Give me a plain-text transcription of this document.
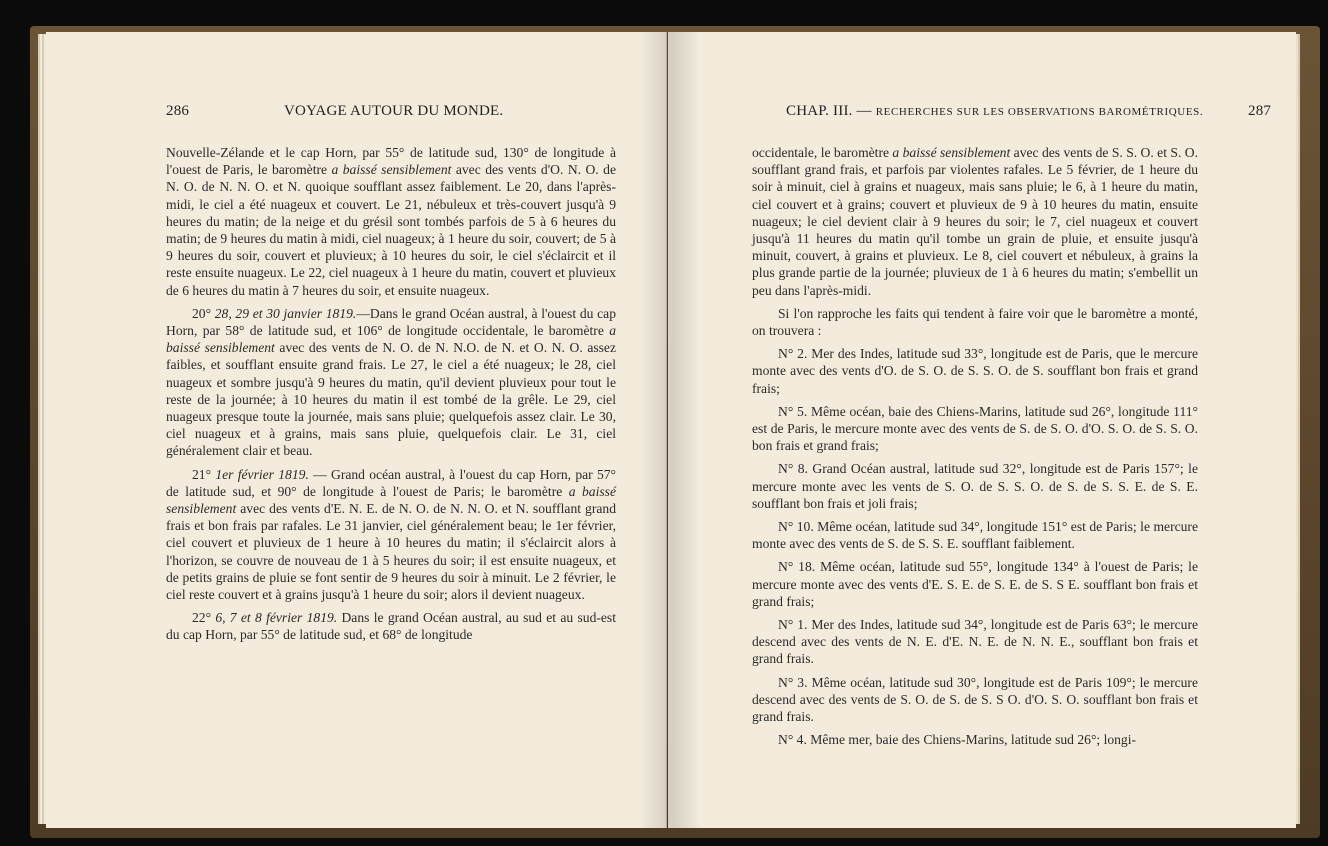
286	VOYAGE AUTOUR DU MONDE.

Nouvelle-Zélande et le cap Horn, par 55° de latitude sud, 130° de longitude à l'ouest de Paris, le baromètre a baissé sensiblement avec des vents d'O. N. O. de N. O. de N. N. O. et N. quoique soufflant assez faiblement. Le 20, dans l'après-midi, le ciel a été nuageux et couvert. Le 21, nébuleux et très-couvert jusqu'à 9 heures du matin; de la neige et du grésil sont tombés parfois de 5 à 6 heures du matin; de 9 heures du matin à midi, ciel nuageux; à 1 heure du soir, couvert; de 5 à 9 heures du soir, couvert et pluvieux; à 10 heures du soir, le ciel s'éclaircit et il reste ensuite nuageux. Le 22, ciel nuageux à 1 heure du matin, couvert et pluvieux de 6 heures du matin à 7 heures du soir, et ensuite nuageux.

20° 28, 29 et 30 janvier 1819.—Dans le grand Océan austral, à l'ouest du cap Horn, par 58° de latitude sud, et 106° de longitude occidentale, le baromètre a baissé sensiblement avec des vents de N. O. de N. N.O. de N. et O. N. O. assez faibles, et soufflant ensuite grand frais. Le 27, le ciel a été nuageux; le 28, ciel nuageux et sombre jusqu'à 9 heures du matin, qu'il devient pluvieux pour tout le reste de la journée; à 10 heures du matin il est tombé de la grêle. Le 29, ciel nuageux presque toute la journée, mais sans pluie; quelquefois assez clair. Le 30, ciel nuageux et à grains, mais sans pluie, quelquefois clair. Le 31, ciel généralement clair et beau.

21° 1er février 1819. — Grand océan austral, à l'ouest du cap Horn, par 57° de latitude sud, et 90° de longitude à l'ouest de Paris; le baromètre a baissé sensiblement avec des vents d'E. N. E. de N. O. de N. N. O. et N. soufflant grand frais et bon frais par rafales. Le 31 janvier, ciel généralement beau; le 1er février, ciel couvert et pluvieux de 1 heure à 10 heures du matin; il s'éclaircit alors à l'horizon, se couvre de nouveau de 1 à 5 heures du soir; il est ensuite nuageux, et de petits grains de pluie se font sentir de 9 heures du soir à minuit. Le 2 février, le ciel reste couvert et à grains jusqu'à 1 heure du soir; alors il devient nuageux.

22° 6, 7 et 8 février 1819. Dans le grand Océan austral, au sud et au sud-est du cap Horn, par 55° de latitude sud, et 68° de longitude

CHAP. III. — RECHERCHES SUR LES OBSERVATIONS BAROMÉTRIQUES.	287

occidentale, le baromètre a baissé sensiblement avec des vents de S. S. O. et S. O. soufflant grand frais, et parfois par violentes rafales. Le 5 février, de 1 heure du soir à minuit, ciel à grains et nuageux, mais sans pluie; le 6, à 1 heure du matin, ciel couvert et à grains; couvert et pluvieux de 9 à 10 heures du matin, ensuite nuageux; le ciel devient clair à 9 heures du soir; le 7, ciel nuageux et couvert jusqu'à 11 heures du matin qu'il tombe un grain de pluie, et ensuite jusqu'à minuit, couvert, à grains et pluvieux. Le 8, ciel couvert et nébuleux, à grains la plus grande partie de la journée; pluvieux de 1 à 6 heures du matin; s'embellit un peu dans l'après-midi.

Si l'on rapproche les faits qui tendent à faire voir que le baromètre a monté, on trouvera :

N° 2. Mer des Indes, latitude sud 33°, longitude est de Paris, que le mercure monte avec des vents d'O. de S. O. de S. S. O. de S. soufflant bon frais et grand frais;

N° 5. Même océan, baie des Chiens-Marins, latitude sud 26°, longitude 111° est de Paris, le mercure monte avec des vents de S. de S. O. d'O. S. O. de S. S. O. bon frais et grand frais;

N° 8. Grand Océan austral, latitude sud 32°, longitude est de Paris 157°; le mercure monte avec les vents de S. O. de S. S. O. de S. de S. S. E. de S. E. soufflant bon frais et joli frais;

N° 10. Même océan, latitude sud 34°, longitude 151° est de Paris; le mercure monte avec des vents de S. de S. S. E. soufflant faiblement.

N° 18. Même océan, latitude sud 55°, longitude 134° à l'ouest de Paris; le mercure monte avec des vents d'E. S. E. de S. E. de S. S E. soufflant bon frais et grand frais;

N° 1. Mer des Indes, latitude sud 34°, longitude est de Paris 63°; le mercure descend avec des vents de N. E. d'E. N. E. de N. N. E., soufflant bon frais et grand frais.

N° 3. Même océan, latitude sud 30°, longitude est de Paris 109°; le mercure descend avec des vents de S. O. de S. de S. S O. d'O. S. O. soufflant bon frais et grand frais.

N° 4. Même mer, baie des Chiens-Marins, latitude sud 26°; longi-
